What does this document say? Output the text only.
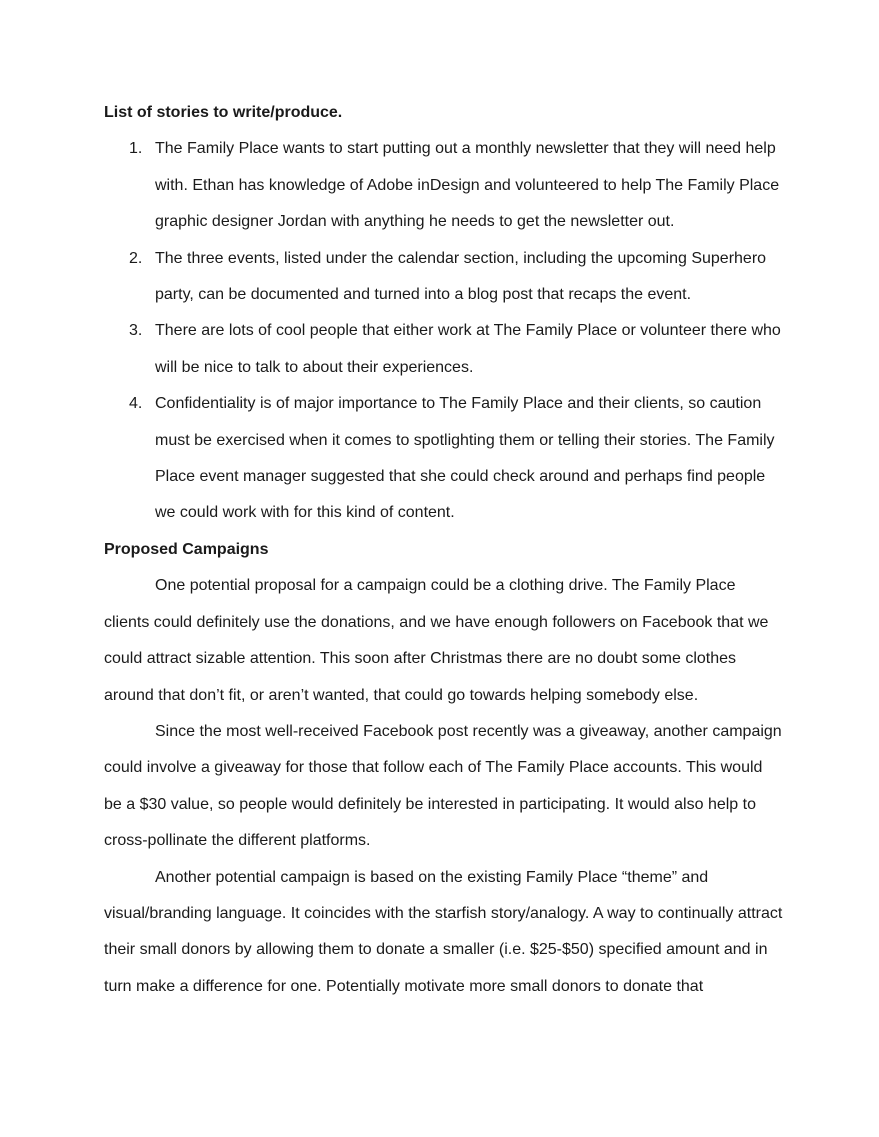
List of stories to write/produce.

1. The Family Place wants to start putting out a monthly newsletter that they will need help with. Ethan has knowledge of Adobe inDesign and volunteered to help The Family Place graphic designer Jordan with anything he needs to get the newsletter out.
2. The three events, listed under the calendar section, including the upcoming Superhero party, can be documented and turned into a blog post that recaps the event.
3. There are lots of cool people that either work at The Family Place or volunteer there who will be nice to talk to about their experiences.
4. Confidentiality is of major importance to The Family Place and their clients, so caution must be exercised when it comes to spotlighting them or telling their stories. The Family Place event manager suggested that she could check around and perhaps find people we could work with for this kind of content.

Proposed Campaigns

One potential proposal for a campaign could be a clothing drive. The Family Place clients could definitely use the donations, and we have enough followers on Facebook that we could attract sizable attention. This soon after Christmas there are no doubt some clothes around that don’t fit, or aren’t wanted, that could go towards helping somebody else.

Since the most well-received Facebook post recently was a giveaway, another campaign could involve a giveaway for those that follow each of The Family Place accounts. This would be a $30 value, so people would definitely be interested in participating. It would also help to cross-pollinate the different platforms.

Another potential campaign is based on the existing Family Place “theme” and visual/branding language. It coincides with the starfish story/analogy. A way to continually attract their small donors by allowing them to donate a smaller (i.e. $25-$50) specified amount and in turn make a difference for one. Potentially motivate more small donors to donate that
